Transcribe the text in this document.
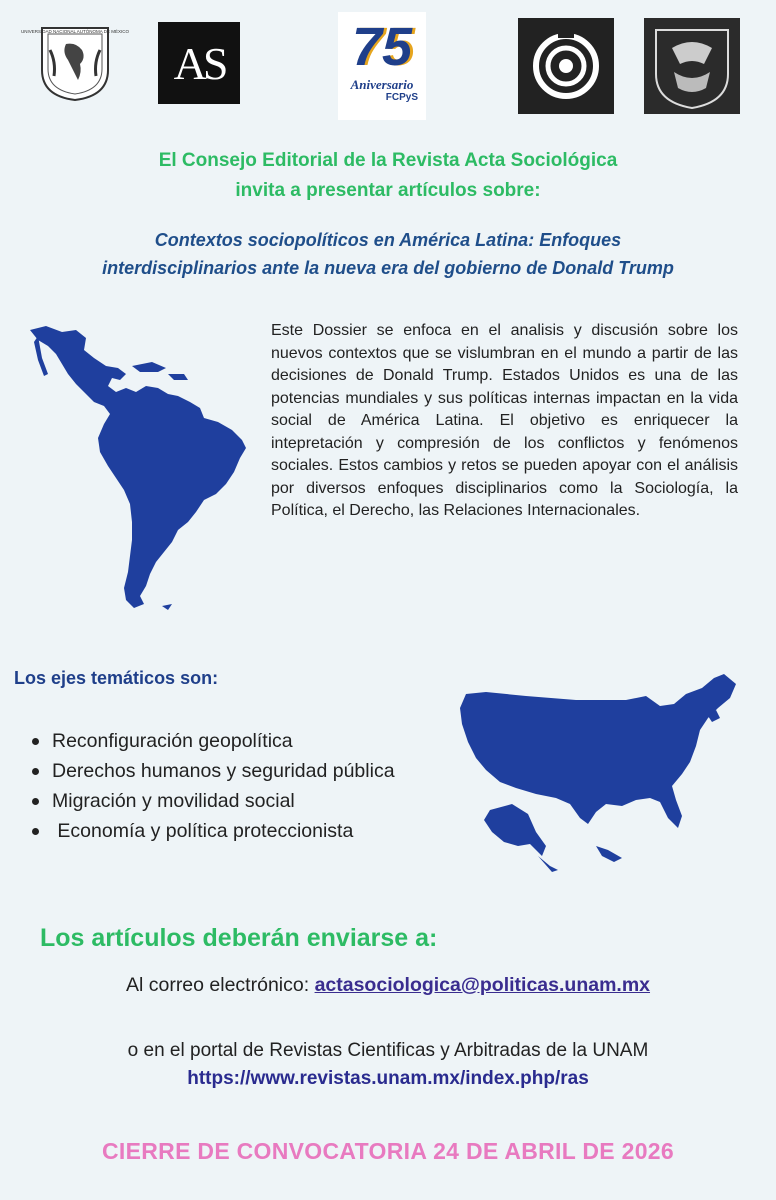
UNIVERSIDAD NACIONAL AUTÓNOMA DE MÉXICO
AS 75
Aniversario
FCPyS
El Consejo Editorial de la Revista Acta Sociológica
invita a presentar artículos sobre:
Contextos sociopolíticos en América Latina: Enfoques
interdisciplinarios ante la nueva era del gobierno de Donald Trump
Este Dossier se enfoca en el analisis y discusión sobre los nuevos contextos que se vislumbran en el mundo a partir de las decisiones de Donald Trump. Estados Unidos es una de las potencias mundiales y sus políticas internas impactan en la vida social de América Latina. El objetivo es enriquecer la intepretación y compresión de los conflictos y fenómenos sociales. Estos cambios y retos se pueden apoyar con el análisis por diversos enfoques disciplinarios como la Sociología, la Política, el Derecho, las Relaciones Internacionales.
Los ejes temáticos son:
Reconfiguración geopolítica
Derechos humanos y seguridad pública
Migración y movilidad social
Economía y política proteccionista
Los artículos deberán enviarse a:
Al correo electrónico: actasociologica@politicas.unam.mx
o en el portal de Revistas Cientificas y Arbitradas de la UNAM
https://www.revistas.unam.mx/index.php/ras
CIERRE DE CONVOCATORIA 24 DE ABRIL DE 2026
